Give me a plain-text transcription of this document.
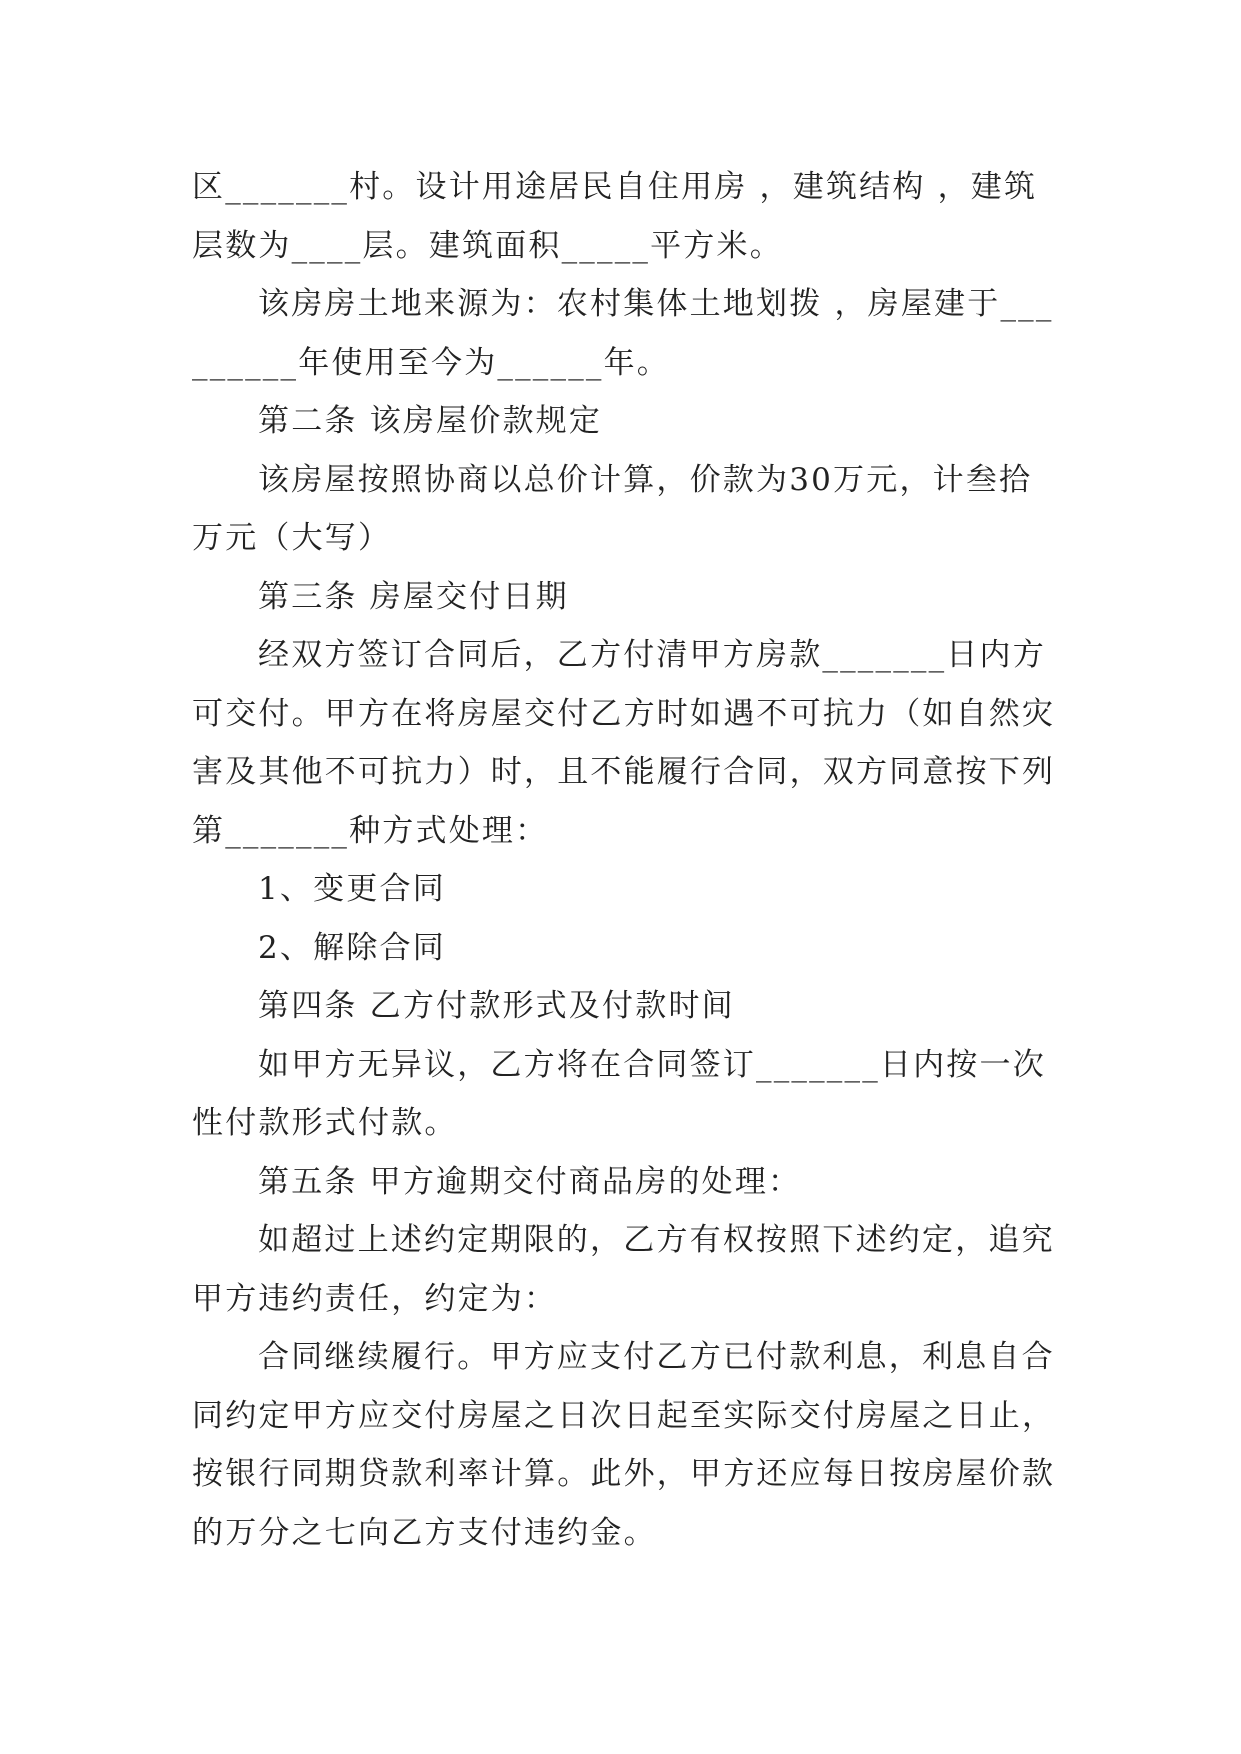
区_______村。设计用途居民自住用房 ，建筑结构 ，建筑层数为____层。建筑面积_____平方米。

该房房土地来源为：农村集体土地划拨 ，房屋建于_________年使用至今为______年。

第二条 该房屋价款规定

该房屋按照协商以总价计算，价款为30万元，计叁拾万元（大写）

第三条 房屋交付日期

经双方签订合同后，乙方付清甲方房款_______日内方可交付。甲方在将房屋交付乙方时如遇不可抗力（如自然灾害及其他不可抗力）时，且不能履行合同，双方同意按下列第_______种方式处理：

1、变更合同

2、解除合同

第四条 乙方付款形式及付款时间

如甲方无异议，乙方将在合同签订_______日内按一次性付款形式付款。

第五条 甲方逾期交付商品房的处理：

如超过上述约定期限的，乙方有权按照下述约定，追究甲方违约责任，约定为：

合同继续履行。甲方应支付乙方已付款利息，利息自合同约定甲方应交付房屋之日次日起至实际交付房屋之日止，按银行同期贷款利率计算。此外，甲方还应每日按房屋价款的万分之七向乙方支付违约金。
